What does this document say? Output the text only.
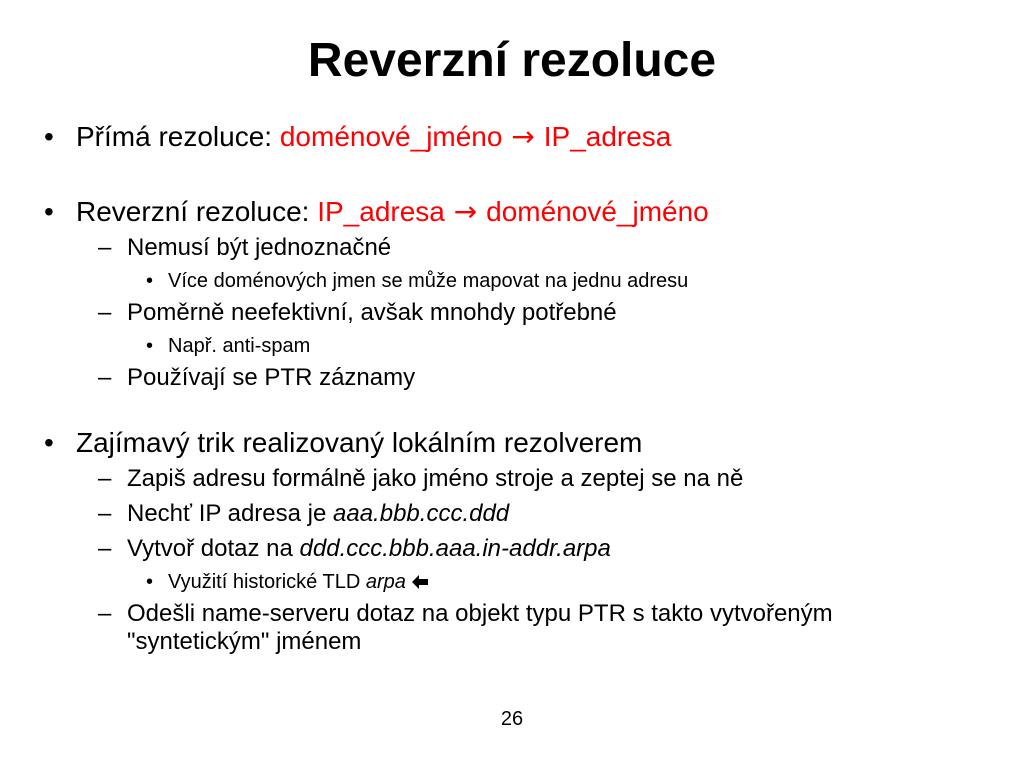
Reverzní rezoluce
• Přímá rezoluce: doménové_jméno → IP_adresa
• Reverzní rezoluce: IP_adresa → doménové_jméno
– Nemusí být jednoznačné
• Více doménových jmen se může mapovat na jednu adresu
– Poměrně neefektivní, avšak mnohdy potřebné
• Např. anti-spam
– Používají se PTR záznamy
• Zajímavý trik realizovaný lokálním rezolverem
– Zapiš adresu formálně jako jméno stroje a zeptej se na ně
– Nechť IP adresa je aaa.bbb.ccc.ddd
– Vytvoř dotaz na ddd.ccc.bbb.aaa.in-addr.arpa
• Využití historické TLD arpa
– Odešli name-serveru dotaz na objekt typu PTR s takto vytvořeným
"syntetickým" jménem
26
